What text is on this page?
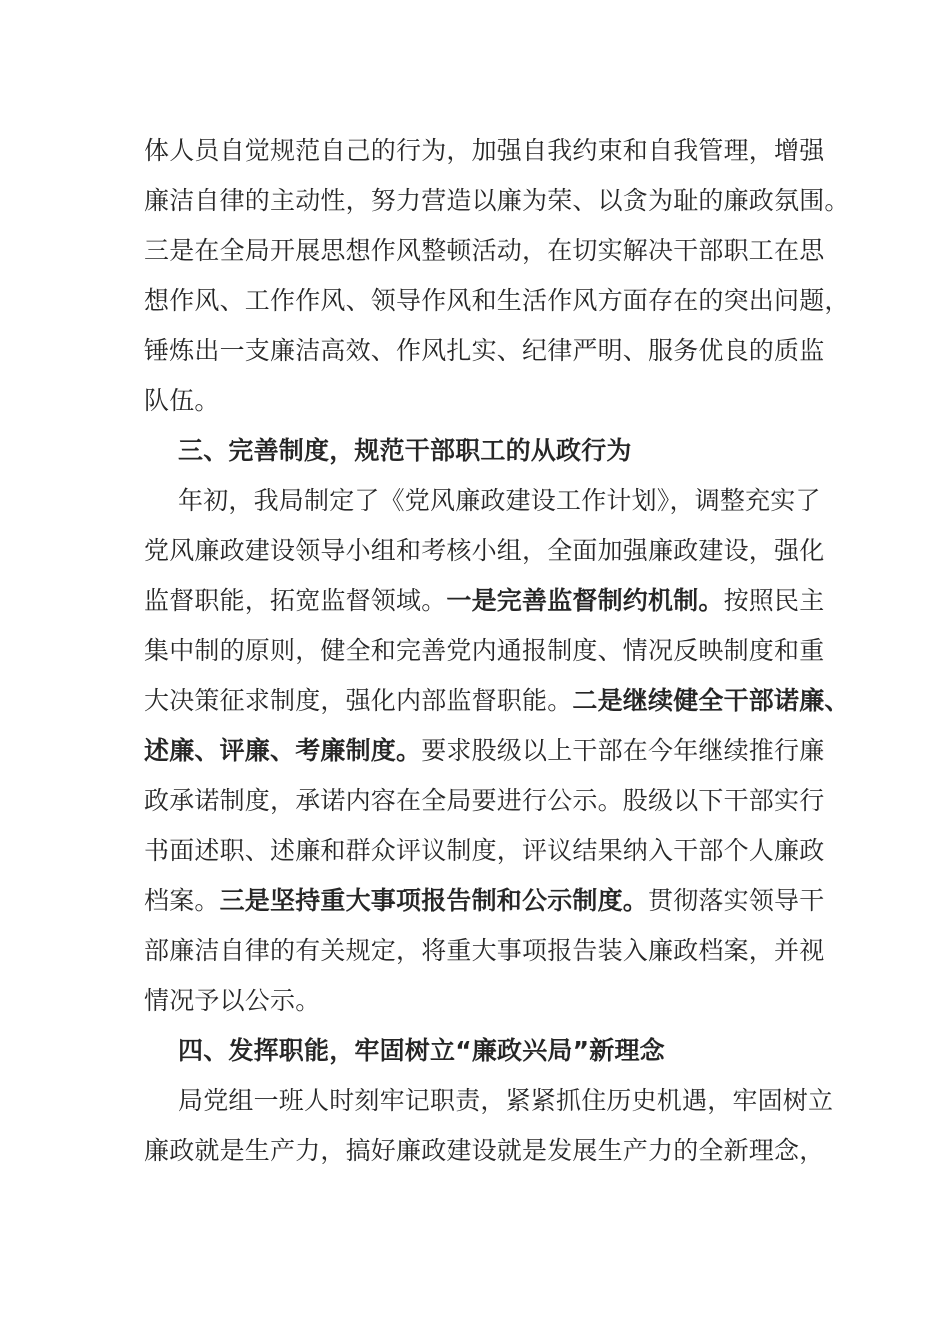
体人员自觉规范自己的行为，加强自我约束和自我管理，增强
廉洁自律的主动性，努力营造以廉为荣、以贪为耻的廉政氛围。
三是在全局开展思想作风整顿活动，在切实解决干部职工在思
想作风、工作作风、领导作风和生活作风方面存在的突出问题，
锤炼出一支廉洁高效、作风扎实、纪律严明、服务优良的质监
队伍。
三、完善制度，规范干部职工的从政行为
年初，我局制定了《党风廉政建设工作计划》，调整充实了
党风廉政建设领导小组和考核小组，全面加强廉政建设，强化
监督职能，拓宽监督领域。一是完善监督制约机制。按照民主
集中制的原则，健全和完善党内通报制度、情况反映制度和重
大决策征求制度，强化内部监督职能。二是继续健全干部诺廉、
述廉、评廉、考廉制度。要求股级以上干部在今年继续推行廉
政承诺制度，承诺内容在全局要进行公示。股级以下干部实行
书面述职、述廉和群众评议制度，评议结果纳入干部个人廉政
档案。三是坚持重大事项报告制和公示制度。贯彻落实领导干
部廉洁自律的有关规定，将重大事项报告装入廉政档案，并视
情况予以公示。
四、发挥职能，牢固树立“廉政兴局”新理念
局党组一班人时刻牢记职责，紧紧抓住历史机遇，牢固树立
廉政就是生产力，搞好廉政建设就是发展生产力的全新理念，
